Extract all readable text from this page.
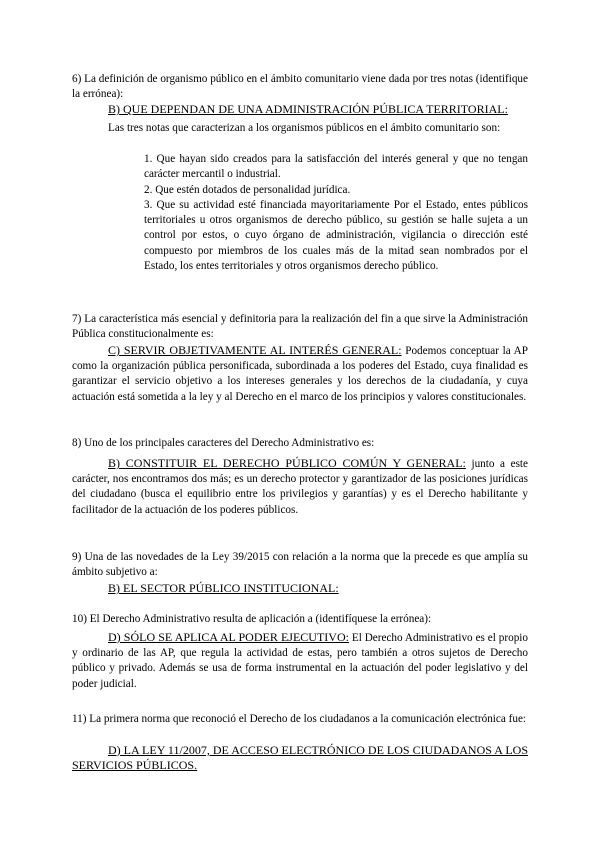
6) La definición de organismo público en el ámbito comunitario viene dada por tres notas (identifique la errónea):

B) QUE DEPENDAN DE UNA ADMINISTRACIÓN PÚBLICA TERRITORIAL:

Las tres notas que caracterizan a los organismos públicos en el ámbito comunitario son:

1. Que hayan sido creados para la satisfacción del interés general y que no tengan carácter mercantil o industrial.

2. Que estén dotados de personalidad jurídica.

3. Que su actividad esté financiada mayoritariamente Por el Estado, entes públicos territoriales u otros organismos de derecho público, su gestión se halle sujeta a un control por estos, o cuyo órgano de administración, vigilancia o dirección esté compuesto por miembros de los cuales más de la mitad sean nombrados por el Estado, los entes territoriales y otros organismos derecho público.

7) La característica más esencial y definitoria para la realización del fin a que sirve la Administración Pública constitucionalmente es:

C) SERVIR OBJETIVAMENTE AL INTERÉS GENERAL: Podemos conceptuar la AP como la organización pública personificada, subordinada a los poderes del Estado, cuya finalidad es garantizar el servicio objetivo a los intereses generales y los derechos de la ciudadanía, y cuya actuación está sometida a la ley y al Derecho en el marco de los principios y valores constitucionales.

8) Uno de los principales caracteres del Derecho Administrativo es:

B) CONSTITUIR EL DERECHO PÚBLICO COMÚN Y GENERAL: junto a este carácter, nos encontramos dos más; es un derecho protector y garantizador de las posiciones jurídicas del ciudadano (busca el equilibrio entre los privilegios y garantías) y es el Derecho habilitante y facilitador de la actuación de los poderes públicos.

9) Una de las novedades de la Ley 39/2015 con relación a la norma que la precede es que amplía su ámbito subjetivo a:

B) EL SECTOR PÚBLICO INSTITUCIONAL:

10) El Derecho Administrativo resulta de aplicación a (identifíquese la errónea):

D) SÓLO SE APLICA AL PODER EJECUTIVO: El Derecho Administrativo es el propio y ordinario de las AP, que regula la actividad de estas, pero también a otros sujetos de Derecho público y privado. Además se usa de forma instrumental en la actuación del poder legislativo y del poder judicial.

11) La primera norma que reconoció el Derecho de los ciudadanos a la comunicación electrónica fue:

D) LA LEY 11/2007, DE ACCESO ELECTRÓNICO DE LOS CIUDADANOS A LOS SERVICIOS PÚBLICOS.
